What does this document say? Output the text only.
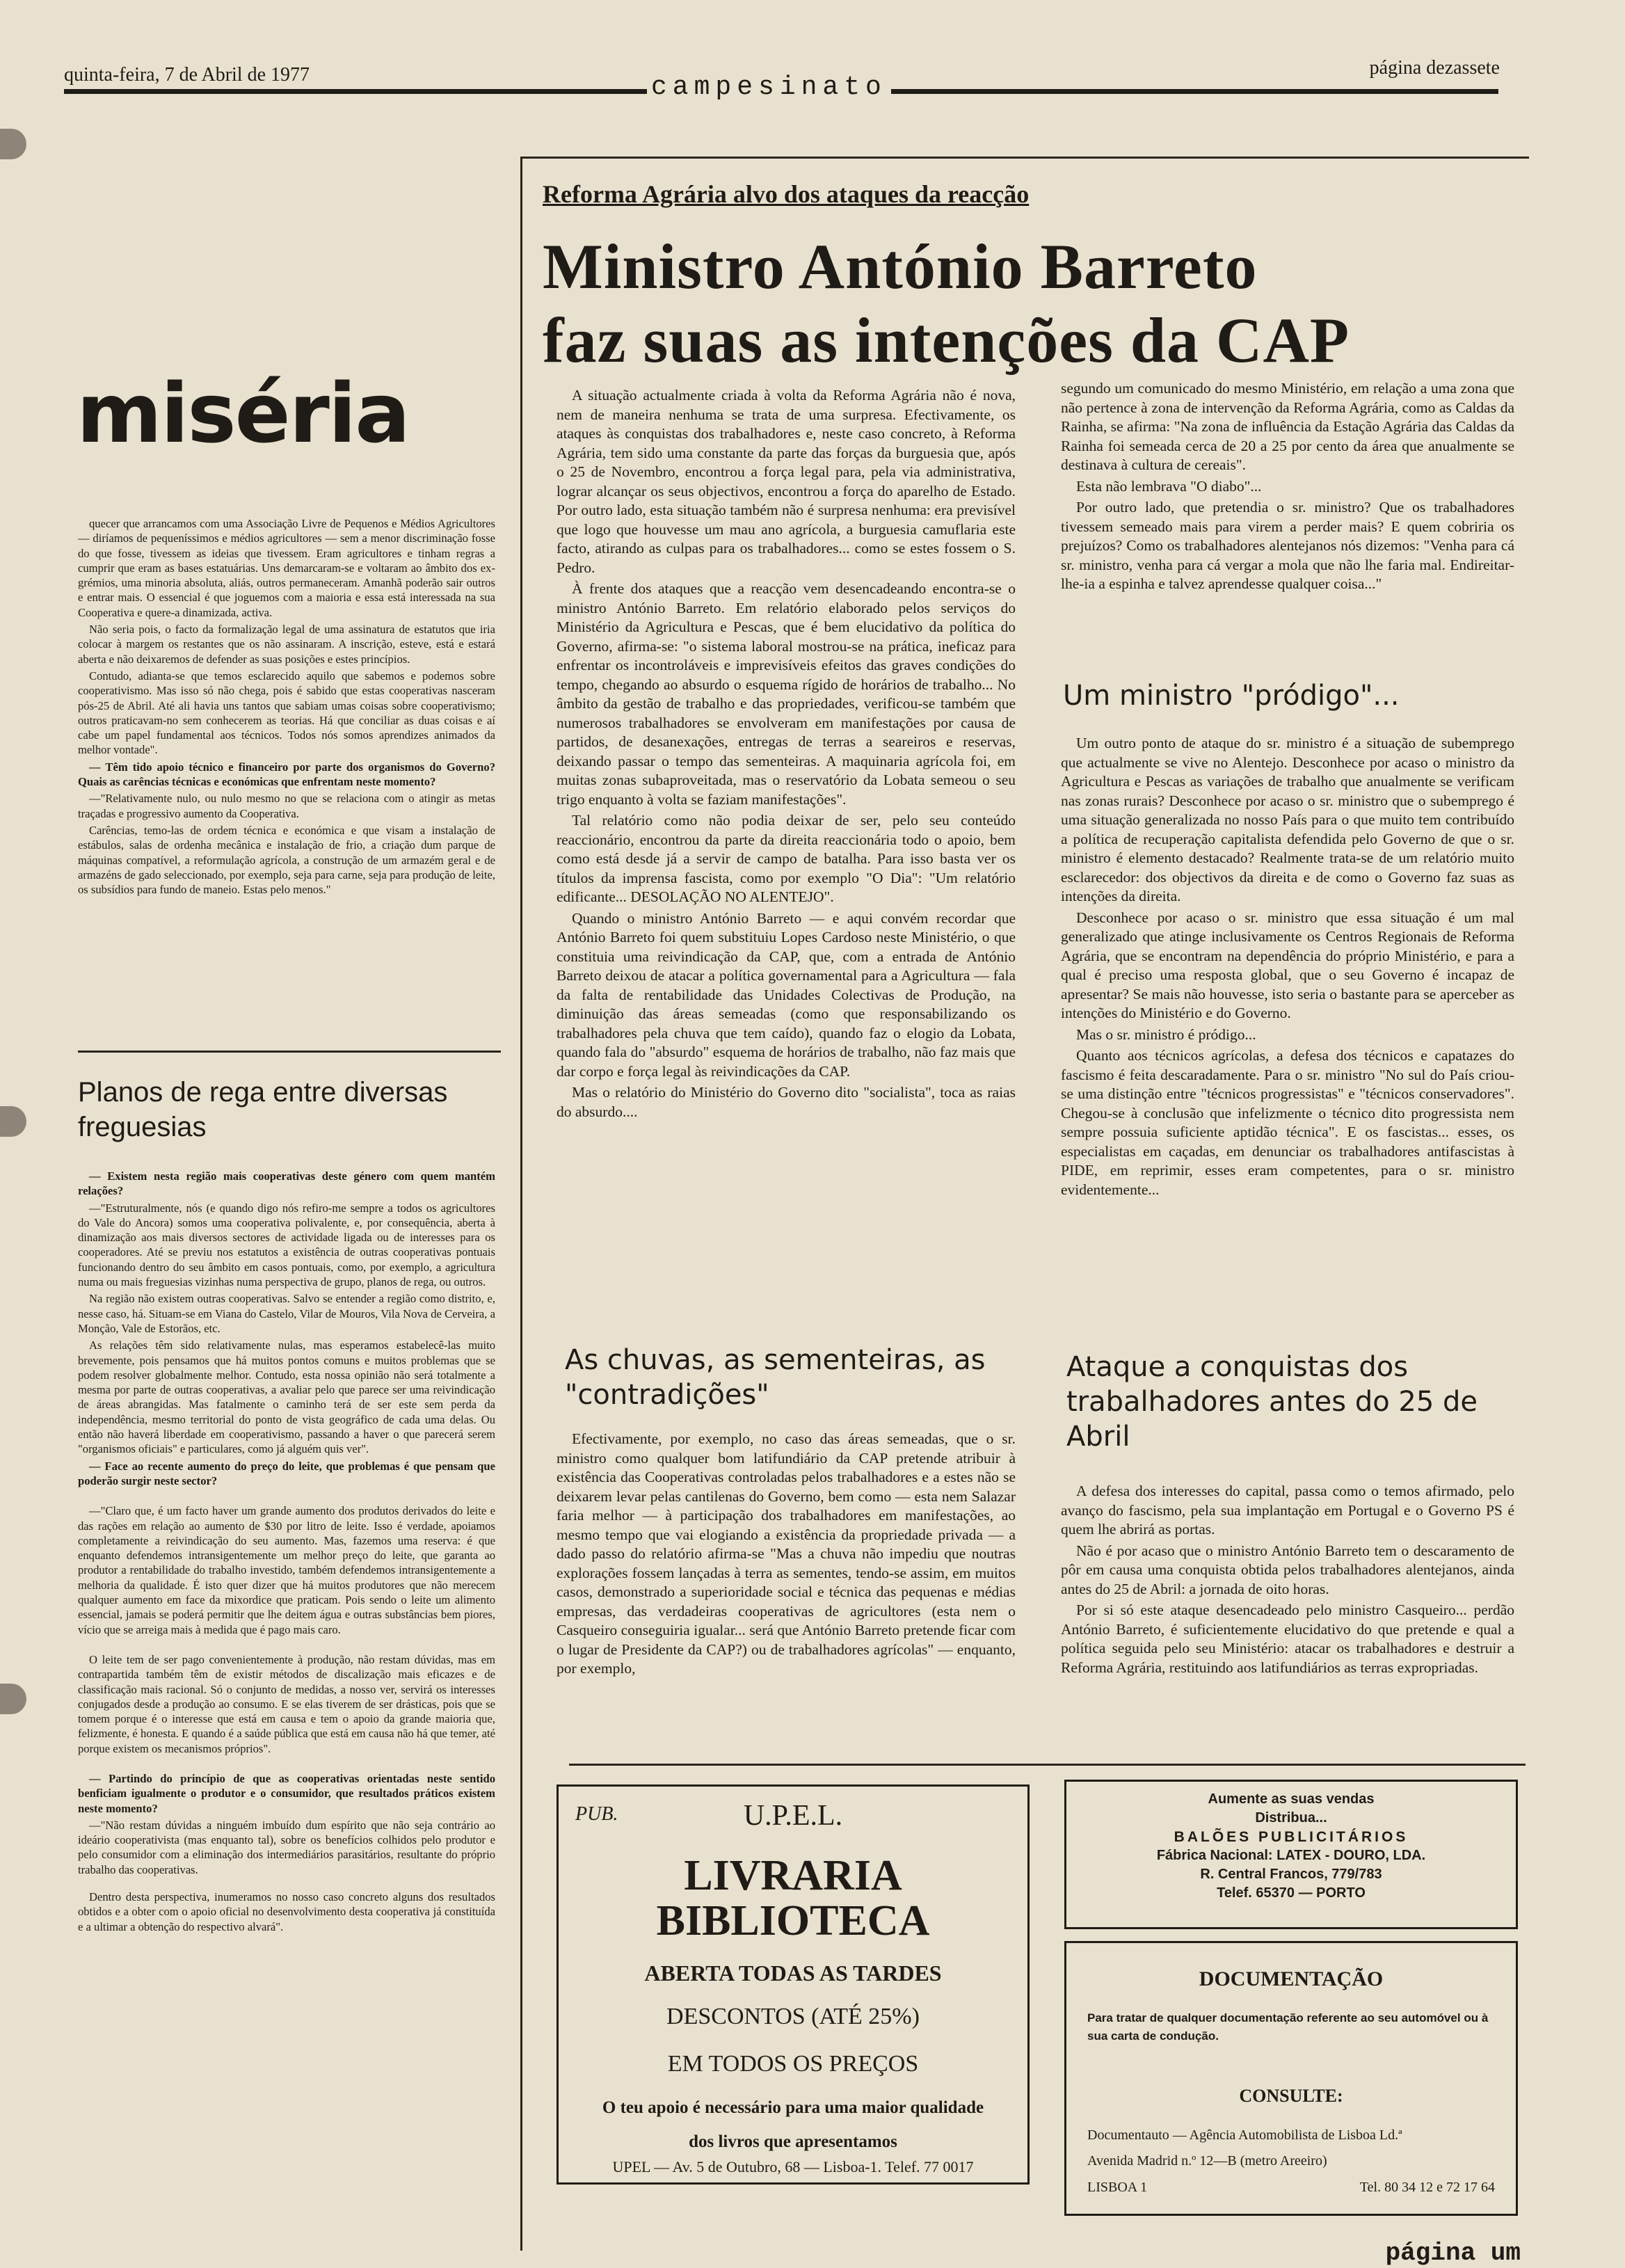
quinta-feira, 7 de Abril de 1977	campesinato
página dezassete
miséria

quecer que arrancamos com uma Associação Livre de Pequenos e Médios Agricultores — diríamos de pequeníssimos e médios agricultores — sem a menor discriminação fosse do que fosse, tivessem as ideias que tivessem. Eram agricultores e tinham regras a cumprir que eram as bases estatuárias. Uns demarcaram-se e voltaram ao âmbito dos ex-grémios, uma minoria absoluta, aliás, outros permaneceram. Amanhã poderão sair outros e entrar mais. O essencial é que joguemos com a maioria e essa está interessada na sua Cooperativa e quere-a dinamizada, activa.

Não seria pois, o facto da formalização legal de uma assinatura de estatutos que iria colocar à margem os restantes que os não assinaram. A inscrição, esteve, está e estará aberta e não deixaremos de defender as suas posições e estes princípios.

Contudo, adianta-se que temos esclarecido aquilo que sabemos e podemos sobre cooperativismo. Mas isso só não chega, pois é sabido que estas cooperativas nasceram pós-25 de Abril. Até ali havia uns tantos que sabiam umas coisas sobre cooperativismo; outros praticavam-no sem conhecerem as teorias. Há que conciliar as duas coisas e aí cabe um papel fundamental aos técnicos. Todos nós somos aprendizes animados da melhor vontade".

— Têm tido apoio técnico e financeiro por parte dos organismos do Governo? Quais as carências técnicas e económicas que enfrentam neste momento?

—"Relativamente nulo, ou nulo mesmo no que se relaciona com o atingir as metas traçadas e progressivo aumento da Cooperativa.

Carências, temo-las de ordem técnica e económica e que visam a instalação de estábulos, salas de ordenha mecânica e instalação de frio, a criação dum parque de máquinas compatível, a reformulação agrícola, a construção de um armazém geral e de armazéns de gado seleccionado, por exemplo, seja para carne, seja para produção de leite, os subsídios para fundo de maneio. Estas pelo menos."

Planos de rega entre diversas freguesias

— Existem nesta região mais cooperativas deste género com quem mantém relações?

—"Estruturalmente, nós (e quando digo nós refiro-me sempre a todos os agricultores do Vale do Ancora) somos uma cooperativa polivalente, e, por consequência, aberta à dinamização aos mais diversos sectores de actividade ligada ou de interesses para os cooperadores. Até se previu nos estatutos a existência de outras cooperativas pontuais funcionando dentro do seu âmbito em casos pontuais, como, por exemplo, a agricultura numa ou mais freguesias vizinhas numa perspectiva de grupo, planos de rega, ou outros.

Na região não existem outras cooperativas. Salvo se entender a região como distrito, e, nesse caso, há. Situam-se em Viana do Castelo, Vilar de Mouros, Vila Nova de Cerveira, a Monção, Vale de Estorãos, etc.

As relações têm sido relativamente nulas, mas esperamos estabelecê-las muito brevemente, pois pensamos que há muitos pontos comuns e muitos problemas que se podem resolver globalmente melhor. Contudo, esta nossa opinião não será totalmente a mesma por parte de outras cooperativas, a avaliar pelo que parece ser uma reivindicação de áreas abrangidas. Mas fatalmente o caminho terá de ser este sem perda da independência, mesmo territorial do ponto de vista geográfico de cada uma delas. Ou então não haverá liberdade em cooperativismo, passando a haver o que parecerá serem "organismos oficiais" e particulares, como já alguém quis ver".

— Face ao recente aumento do preço do leite, que problemas é que pensam que poderão surgir neste sector?

—"Claro que, é um facto haver um grande aumento dos produtos derivados do leite e das rações em relação ao aumento de $30 por litro de leite. Isso é verdade, apoiamos completamente a reivindicação do seu aumento. Mas, fazemos uma reserva: é que enquanto defendemos intransigentemente um melhor preço do leite, que garanta ao produtor a rentabilidade do trabalho investido, também defendemos intransigentemente a melhoria da qualidade. É isto quer dizer que há muitos produtores que não merecem qualquer aumento em face da mixordice que praticam. Pois sendo o leite um alimento essencial, jamais se poderá permitir que lhe deitem água e outras substâncias bem piores, vício que se arreiga mais à medida que é pago mais caro.

O leite tem de ser pago convenientemente à produção, não restam dúvidas, mas em contrapartida também têm de existir métodos de discalização mais eficazes e de classificação mais racional. Só o conjunto de medidas, a nosso ver, servirá os interesses conjugados desde a produção ao consumo. E se elas tiverem de ser drásticas, pois que se tomem porque é o interesse que está em causa e tem o apoio da grande maioria que, felizmente, é honesta. E quando é a saúde pública que está em causa não há que temer, até porque existem os mecanismos próprios".

— Partindo do princípio de que as cooperativas orientadas neste sentido benficiam igualmente o produtor e o consumidor, que resultados práticos existem neste momento?

—"Não restam dúvidas a ninguém imbuído dum espírito que não seja contrário ao ideário cooperativista (mas enquanto tal), sobre os benefícios colhidos pelo produtor e pelo consumidor com a eliminação dos intermediários parasitários, resultante do próprio trabalho das cooperativas.

Dentro desta perspectiva, inumeramos no nosso caso concreto alguns dos resultados obtidos e a obter com o apoio oficial no desenvolvimento desta cooperativa já constituída e a ultimar a obtenção do respectivo alvará".

Reforma Agrária alvo dos ataques da reacção
Ministro António Barreto
faz suas as intenções da CAP

A situação actualmente criada à volta da Reforma Agrária não é nova, nem de maneira nenhuma se trata de uma surpresa. Efectivamente, os ataques às conquistas dos trabalhadores e, neste caso concreto, à Reforma Agrária, tem sido uma constante da parte das forças da burguesia que, após o 25 de Novembro, encontrou a força legal para, pela via administrativa, lograr alcançar os seus objectivos, encontrou a força do aparelho de Estado. Por outro lado, esta situação também não é surpresa nenhuma: era previsível que logo que houvesse um mau ano agrícola, a burguesia camuflaria este facto, atirando as culpas para os trabalhadores... como se estes fossem o S. Pedro.

À frente dos ataques que a reacção vem desencadeando encontra-se o ministro António Barreto. Em relatório elaborado pelos serviços do Ministério da Agricultura e Pescas, que é bem elucidativo da política do Governo, afirma-se: "o sistema laboral mostrou-se na prática, ineficaz para enfrentar os incontroláveis e imprevisíveis efeitos das graves condições do tempo, chegando ao absurdo o esquema rígido de horários de trabalho... No âmbito da gestão de trabalho e das propriedades, verificou-se também que numerosos trabalhadores se envolveram em manifestações por causa de partidos, de desanexações, entregas de terras a seareiros e reservas, deixando passar o tempo das sementeiras. A maquinaria agrícola foi, em muitas zonas subaproveitada, mas o reservatório da Lobata semeou o seu trigo enquanto à volta se faziam manifestações".

Tal relatório como não podia deixar de ser, pelo seu conteúdo reaccionário, encontrou da parte da direita reaccionária todo o apoio, bem como está desde já a servir de campo de batalha. Para isso basta ver os títulos da imprensa fascista, como por exemplo "O Dia": "Um relatório edificante... DESOLAÇÃO NO ALENTEJO".

Quando o ministro António Barreto — e aqui convém recordar que António Barreto foi quem substituiu Lopes Cardoso neste Ministério, o que constituia uma reivindicação da CAP, que, com a entrada de António Barreto deixou de atacar a política governamental para a Agricultura — fala da falta de rentabilidade das Unidades Colectivas de Produção, na diminuição das áreas semeadas (como que responsabilizando os trabalhadores pela chuva que tem caído), quando faz o elogio da Lobata, quando fala do "absurdo" esquema de horários de trabalho, não faz mais que dar corpo e força legal às reivindicações da CAP.

Mas o relatório do Ministério do Governo dito "socialista", toca as raias do absurdo....

As chuvas, as sementeiras, as "contradições"

Efectivamente, por exemplo, no caso das áreas semeadas, que o sr. ministro como qualquer bom latifundiário da CAP pretende atribuir à existência das Cooperativas controladas pelos trabalhadores e a estes não se deixarem levar pelas cantilenas do Governo, bem como — esta nem Salazar faria melhor — à participação dos trabalhadores em manifestações, ao mesmo tempo que vai elogiando a existência da propriedade privada — a dado passo do relatório afirma-se "Mas a chuva não impediu que noutras explorações fossem lançadas à terra as sementes, tendo-se assim, em muitos casos, demonstrado a superioridade social e técnica das pequenas e médias empresas, das verdadeiras cooperativas de agricultores (esta nem o Casqueiro conseguiria igualar... será que António Barreto pretende ficar com o lugar de Presidente da CAP?) ou de trabalhadores agrícolas" — enquanto, por exemplo,

segundo um comunicado do mesmo Ministério, em relação a uma zona que não pertence à zona de intervenção da Reforma Agrária, como as Caldas da Rainha, se afirma: "Na zona de influência da Estação Agrária das Caldas da Rainha foi semeada cerca de 20 a 25 por cento da área que anualmente se destinava à cultura de cereais".

Esta não lembrava "O diabo"...

Por outro lado, que pretendia o sr. ministro? Que os trabalhadores tivessem semeado mais para virem a perder mais? E quem cobriria os prejuízos? Como os trabalhadores alentejanos nós dizemos: "Venha para cá sr. ministro, venha para cá vergar a mola que não lhe faria mal. Endireitar-lhe-ia a espinha e talvez aprendesse qualquer coisa..."

Um ministro "pródigo"...

Um outro ponto de ataque do sr. ministro é a situação de subemprego que actualmente se vive no Alentejo. Desconhece por acaso o ministro da Agricultura e Pescas as variações de trabalho que anualmente se verificam nas zonas rurais? Desconhece por acaso o sr. ministro que o subemprego é uma situação generalizada no nosso País para o que muito tem contribuído a política de recuperação capitalista defendida pelo Governo de que o sr. ministro é elemento destacado? Realmente trata-se de um relatório muito esclarecedor: dos objectivos da direita e de como o Governo faz suas as intenções da direita.

Desconhece por acaso o sr. ministro que essa situação é um mal generalizado que atinge inclusivamente os Centros Regionais de Reforma Agrária, que se encontram na dependência do próprio Ministério, e para a qual é preciso uma resposta global, que o seu Governo é incapaz de apresentar? Se mais não houvesse, isto seria o bastante para se aperceber as intenções do Ministério e do Governo.

Mas o sr. ministro é pródigo...

Quanto aos técnicos agrícolas, a defesa dos técnicos e capatazes do fascismo é feita descaradamente. Para o sr. ministro "No sul do País criou-se uma distinção entre "técnicos progressistas" e "técnicos conservadores". Chegou-se à conclusão que infelizmente o técnico dito progressista nem sempre possuia suficiente aptidão técnica". E os fascistas... esses, os especialistas em caçadas, em denunciar os trabalhadores antifascistas à PIDE, em reprimir, esses eram competentes, para o sr. ministro evidentemente...

Ataque a conquistas dos trabalhadores antes do 25 de Abril

A defesa dos interesses do capital, passa como o temos afirmado, pelo avanço do fascismo, pela sua implantação em Portugal e o Governo PS é quem lhe abrirá as portas.

Não é por acaso que o ministro António Barreto tem o descaramento de pôr em causa uma conquista obtida pelos trabalhadores alentejanos, ainda antes do 25 de Abril: a jornada de oito horas.

Por si só este ataque desencadeado pelo ministro Casqueiro... perdão António Barreto, é suficientemente elucidativo do que pretende e qual a política seguida pelo seu Ministério: atacar os trabalhadores e destruir a Reforma Agrária, restituindo aos latifundiários as terras expropriadas.

PUB.	U.P.E.L.
LIVRARIA
BIBLIOTECA
ABERTA TODAS AS TARDES
DESCONTOS (ATÉ 25%)
EM TODOS OS PREÇOS
O teu apoio é necessário para uma maior qualidade
dos livros que apresentamos
UPEL — Av. 5 de Outubro, 68 — Lisboa-1. Telef. 77 0017
Aumente as suas vendas
Distribua...
BALÕES PUBLICITÁRIOS
Fábrica Nacional: LATEX - DOURO, LDA.
R. Central Francos, 779/783
Telef. 65370 — PORTO
DOCUMENTAÇÃO
Para tratar de qualquer documentação referente ao seu automóvel ou à sua carta de condução.
CONSULTE:
Documentauto — Agência Automobilista de Lisboa Ld.ª
Avenida Madrid n.º 12—B (metro Areeiro)
LISBOA 1	Tel. 80 34 12 e 72 17 64
página um
